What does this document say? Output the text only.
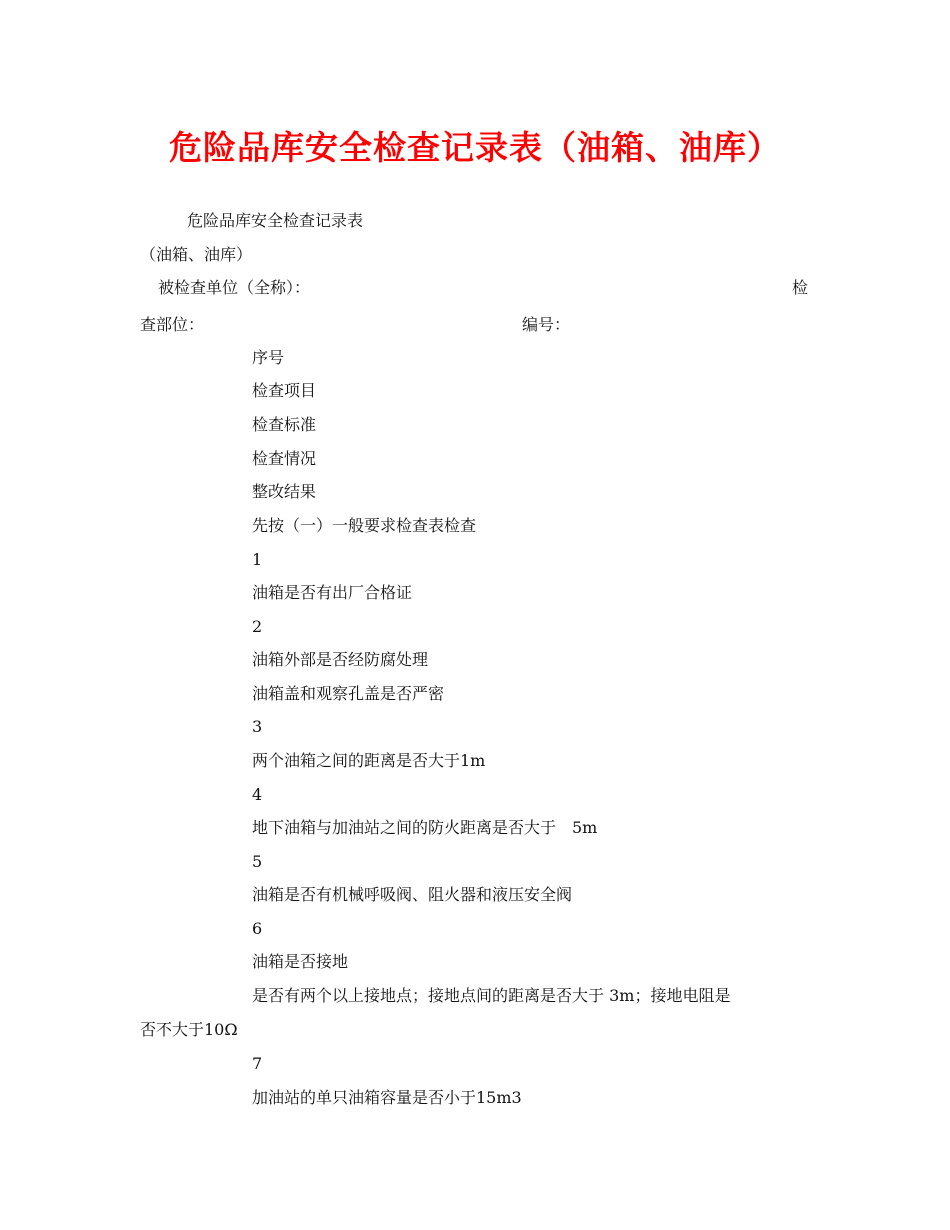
危险品库安全检查记录表（油箱、油库）
危险品库安全检查记录表
（油箱、油库）
被检查单位（全称）：	检
查部位：	编号：
序号
检查项目
检查标准
检查情况
整改结果
先按（一）一般要求检查表检查
1
油箱是否有出厂合格证
2
油箱外部是否经防腐处理
油箱盖和观察孔盖是否严密
3
两个油箱之间的距离是否大于1m
4
地下油箱与加油站之间的防火距离是否大于　5m
5
油箱是否有机械呼吸阀、阻火器和液压安全阀
6
油箱是否接地
是否有两个以上接地点；接地点间的距离是否大于 3m；接地电阻是
否不大于10Ω
7
加油站的单只油箱容量是否小于15m3
